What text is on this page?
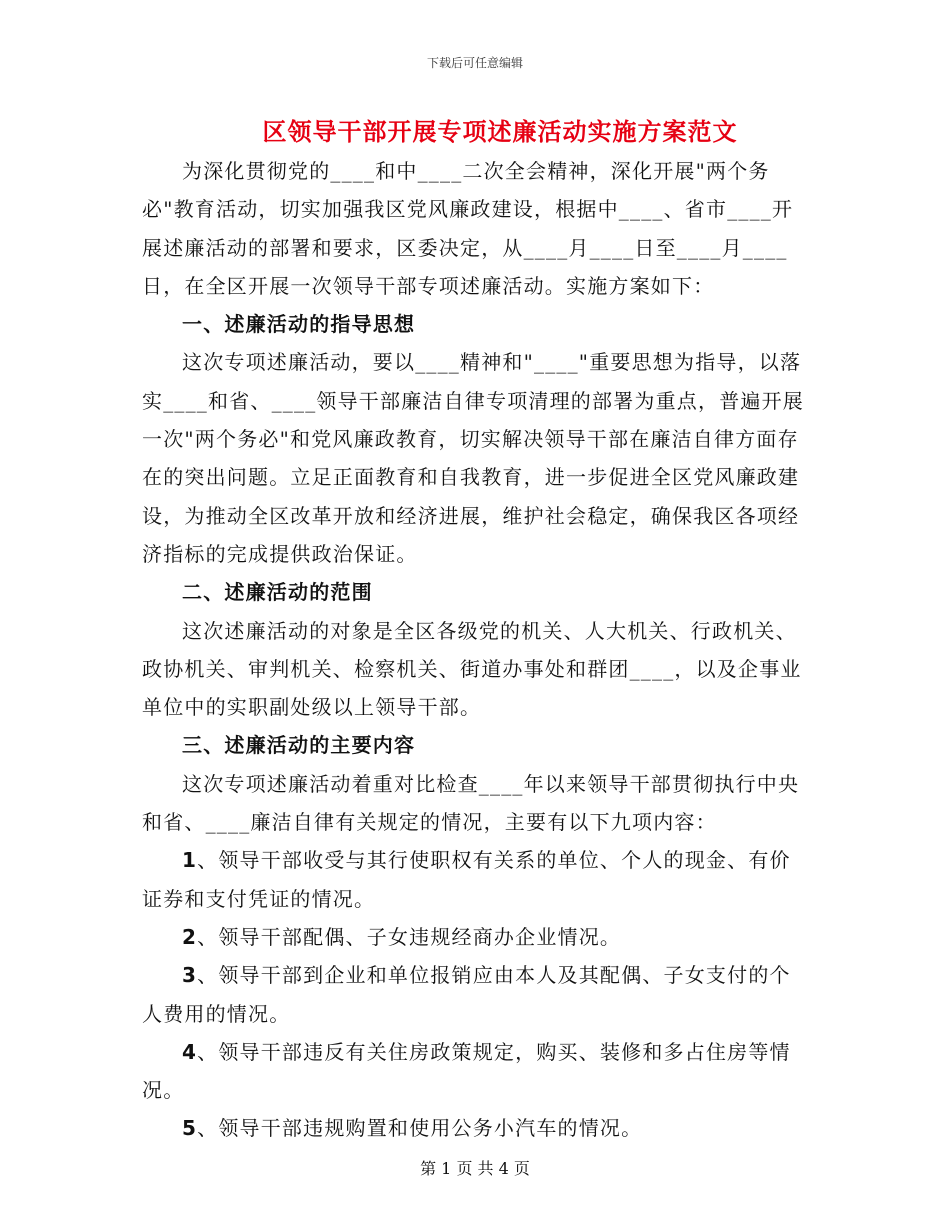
下载后可任意编辑
区领导干部开展专项述廉活动实施方案范文

为深化贯彻党的____和中____二次全会精神，深化开展"两个务必"教育活动，切实加强我区党风廉政建设，根据中____、省市____开展述廉活动的部署和要求，区委决定，从____月____日至____月____日，在全区开展一次领导干部专项述廉活动。实施方案如下：

一、述廉活动的指导思想

这次专项述廉活动，要以____精神和"____"重要思想为指导，以落实____和省、____领导干部廉洁自律专项清理的部署为重点，普遍开展一次"两个务必"和党风廉政教育，切实解决领导干部在廉洁自律方面存在的突出问题。立足正面教育和自我教育，进一步促进全区党风廉政建设，为推动全区改革开放和经济进展，维护社会稳定，确保我区各项经济指标的完成提供政治保证。

二、述廉活动的范围

这次述廉活动的对象是全区各级党的机关、人大机关、行政机关、政协机关、审判机关、检察机关、街道办事处和群团____，以及企事业单位中的实职副处级以上领导干部。

三、述廉活动的主要内容

这次专项述廉活动着重对比检查____年以来领导干部贯彻执行中央和省、____廉洁自律有关规定的情况，主要有以下九项内容：

1、领导干部收受与其行使职权有关系的单位、个人的现金、有价证券和支付凭证的情况。

2、领导干部配偶、子女违规经商办企业情况。

3、领导干部到企业和单位报销应由本人及其配偶、子女支付的个人费用的情况。

4、领导干部违反有关住房政策规定，购买、装修和多占住房等情况。

5、领导干部违规购置和使用公务小汽车的情况。

第 1 页 共 4 页
